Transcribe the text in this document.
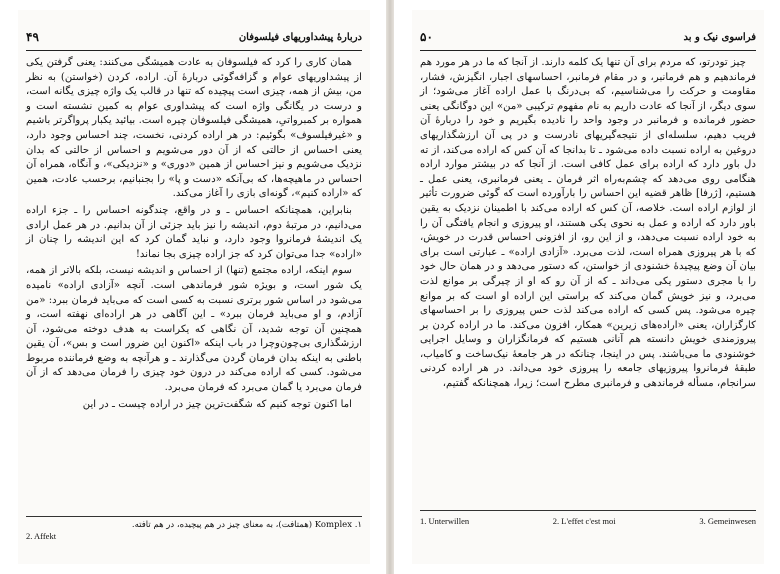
۴۹	دربارهٔ پیشداوریهای فیلسوفان

همان کاری را کرد که فیلسوفان به عادت همیشگی می‌کنند: یعنی گرفتن یکی از پیشداوریهای عوام و گزافه‌گوئی دربارهٔ آن. اراده، کردن (خواستن) به نظر من، بیش از همه، چیزی است پیچیده که تنها در قالب یک واژه چیزی یگانه است، و درست در یگانگی واژه است که پیشداوری عوام به کمین نشسته است و همواره بر کمبرواتیِ، همیشگی فیلسوفان چیره است. بیائید یکبار پرواگرتر باشیم و «غیرفیلسوف» بگوئیم: در هر اراده کردنی، نخست، چند احساس وجود دارد، یعنی احساس از حالتی که از آن دور می‌شویم و احساس از حالتی که بدان نزدیک می‌شویم و نیز احساس از همین «دوری» و «نزدیکی»، و آنگاه، همراه آن احساس در ماهیچه‌ها، که بی‌آنکه «دست و پا» را بجنبانیم، برحسب عادت، همین که «اراده کنیم»، گونه‌ای بازی را آغاز می‌کند.

بنابراین، همچنانکه احساس ـ و در واقع، چندگونه احساس را ـ جزء اراده می‌دانیم، در مرتبهٔ دوم، اندیشه را نیز باید جزئی از آن بدانیم. در هر عمل ارادی یک اندیشهٔ فرمانروا وجود دارد، و نباید گمان کرد که این اندیشه را چنان از «اراده» جدا می‌توان کرد که جز اراده چیزی بجا نماند!

سوم اینکه، اراده مجتمع (تنها) از احساس و اندیشه نیست، بلکه بالاتر از همه، یک شور است، و بویژه شور فرماندهی است. آنچه «آزادی اراده» نامیده می‌شود در اساس شور برتری نسبت به کسی است که می‌باید فرمان ببرد: «من آزادم، و او می‌باید فرمان ببرد» ـ این آگاهی در هر اراده‌ای نهفته است، و همچنین آن توجه شدید، آن نگاهی که یکراست به هدف دوخته می‌شود، آن ارزشگذاری بی‌چون‌وچرا در باب اینکه «اکنون این ضرور است و بس»، آن یقین باطنی به اینکه بدان فرمان گردن می‌گذارند ـ و هرآنچه به وضع فرماننده مربوط می‌شود. کسی که اراده می‌کند در درون خود چیزی را فرمان می‌دهد که از آن فرمان می‌برد یا گمان می‌برد که فرمان می‌برد.

اما اکنون توجه کنیم که شگفت‌ترین چیز در اراده چیست ـ در این

۱. Komplex (همتافت)، به معنای چیز در هم پیچیده، در هم تافته.
2. Affekt
۵۰	فراسوی نیک و بد

چیز تودرتو، که مردم برای آن تنها یک کلمه دارند. از آنجا که ما در هر مورد هم فرماندهیم و هم فرمانبر، و در مقام فرمانبر، احساسهای اجبار، انگیزش، فشار، مقاومت و حرکت را می‌شناسیم، که بی‌درنگ با عمل اراده آغاز می‌شود؛ از سوی دیگر، از آنجا که عادت داریم به نام مفهوم ترکیبی «من» این دوگانگی یعنی حضور فرمانده و فرمانبر در وجود واحد را نادیده بگیریم و خود را دربارهٔ آن فریب دهیم، سلسله‌ای از نتیجه‌گیریهای نادرست و در پی آن ارزشگذاریهای دروغین به اراده نسبت داده می‌شود ـ تا بدانجا که آن کس که اراده می‌کند، از ته دل باور دارد که اراده برای عمل کافی است. از آنجا که در بیشتر موارد اراده هنگامی روی می‌دهد که چشم‌به‌راه اثر فرمان ـ یعنی فرمانبری، یعنی عمل ـ هستیم، [ژرفا] ظاهر قضیه این احساس را بارآورده است که گوئی ضرورت تأثیر از لوازم اراده است. خلاصه، آن کس که اراده می‌کند با اطمینان نزدیک به یقین باور دارد که اراده و عمل به نحوی یکی هستند، او پیروزی و انجام یافتگی آن را به خود اراده نسبت می‌دهد، و از این رو، از افزونی احساس قدرت در خویش، که با هر پیروزی همراه است، لذت می‌برد. «آزادی اراده» ـ عبارتی است برای بیان آن وضع پیچیدهٔ خشنودی از خواستن، که دستور می‌دهد و در همان حال خود را با مجری دستور یکی می‌داند ـ که از آن رو که او از چیرگی بر موانع لذت می‌برد، و نیز خویش گمان می‌کند که براستی این اراده او است که بر موانع چیره می‌شود. پس کسی که اراده می‌کند لذت حس پیروزی را بر احساسهای کارگزاران، یعنی «اراده‌های زیرین» همکار، افزون می‌کند. ما در اراده کردن بر پیروزمندی خویش دانسته هم آنانی هستیم که فرمانگزاران و وسایل اجرایی خوشنودی ما می‌باشند. پس در اینجا، چنانکه در هر جامعهٔ نیک‌ساخت و کامیاب، طبقهٔ فرمانروا پیروزیهای جامعه را پیروزی خود می‌داند. در هر اراده کردنی سرانجام، مسأله فرماندهی و فرمانبری مطرح است؛ زیرا، همچنانکه گفتیم،

1. Unterwillen	2. L'effet c'est moi	3. Gemeinwesen
